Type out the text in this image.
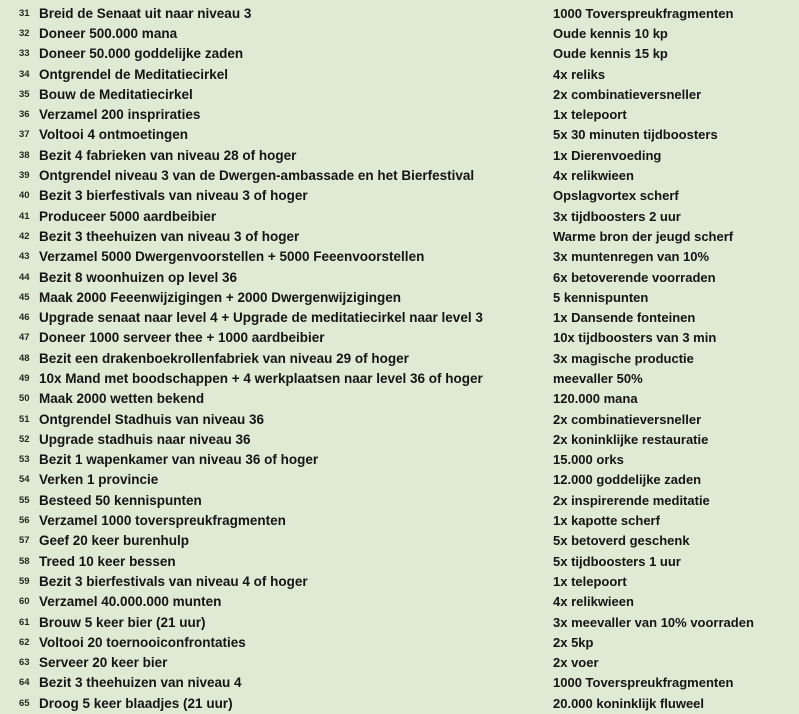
31 Breid de Senaat uit naar niveau 3	1000 Toverspreukfragmenten
32 Doneer 500.000 mana	Oude kennis 10 kp
33 Doneer 50.000 goddelijke zaden	Oude kennis 15 kp
34 Ontgrendel de Meditatiecirkel	4x reliks
35 Bouw de Meditatiecirkel	2x combinatieversneller
36 Verzamel 200 inspriraties	1x telepoort
37 Voltooi 4 ontmoetingen	5x 30 minuten tijdboosters
38 Bezit 4 fabrieken van niveau 28 of hoger	1x Dierenvoeding
39 Ontgrendel niveau 3 van de Dwergen-ambassade en het Bierfestival	4x relikwieen
40 Bezit 3 bierfestivals van niveau 3 of hoger	Opslagvortex scherf
41 Produceer 5000 aardbeibier	3x tijdboosters 2 uur
42 Bezit 3 theehuizen van niveau 3 of hoger	Warme bron der jeugd scherf
43 Verzamel 5000 Dwergenvoorstellen + 5000 Feeenvoorstellen	3x muntenregen van 10%
44 Bezit 8 woonhuizen op level 36	6x betoverende voorraden
45 Maak 2000 Feeenwijzigingen + 2000 Dwergenwijzigingen	5 kennispunten
46 Upgrade senaat naar level 4 + Upgrade de meditatiecirkel naar level 3	1x Dansende fonteinen
47 Doneer 1000 serveer thee + 1000 aardbeibier	10x tijdboosters van 3 min
48 Bezit een drakenboekrollenfabriek van niveau 29 of hoger	3x magische productie
49 10x Mand met boodschappen + 4 werkplaatsen naar level 36 of hoger	meevaller 50%
50 Maak 2000 wetten bekend	120.000 mana
51 Ontgrendel Stadhuis van niveau 36	2x combinatieversneller
52 Upgrade stadhuis naar niveau 36	2x koninklijke restauratie
53 Bezit 1 wapenkamer van niveau 36 of hoger	15.000 orks
54 Verken 1 provincie	12.000 goddelijke zaden
55 Besteed 50 kennispunten	2x inspirerende meditatie
56 Verzamel 1000 toverspreukfragmenten	1x kapotte scherf
57 Geef 20 keer burenhulp	5x betoverd geschenk
58 Treed 10 keer bessen	5x tijdboosters 1 uur
59 Bezit 3 bierfestivals van niveau 4 of hoger	1x telepoort
60 Verzamel 40.000.000 munten	4x relikwieen
61 Brouw 5 keer bier (21 uur)	3x meevaller van 10% voorraden
62 Voltooi 20 toernooiconfrontaties	2x 5kp
63 Serveer 20 keer bier	2x voer
64 Bezit 3 theehuizen van niveau 4	1000 Toverspreukfragmenten
65 Droog 5 keer blaadjes (21 uur)	20.000 koninklijk fluweel
